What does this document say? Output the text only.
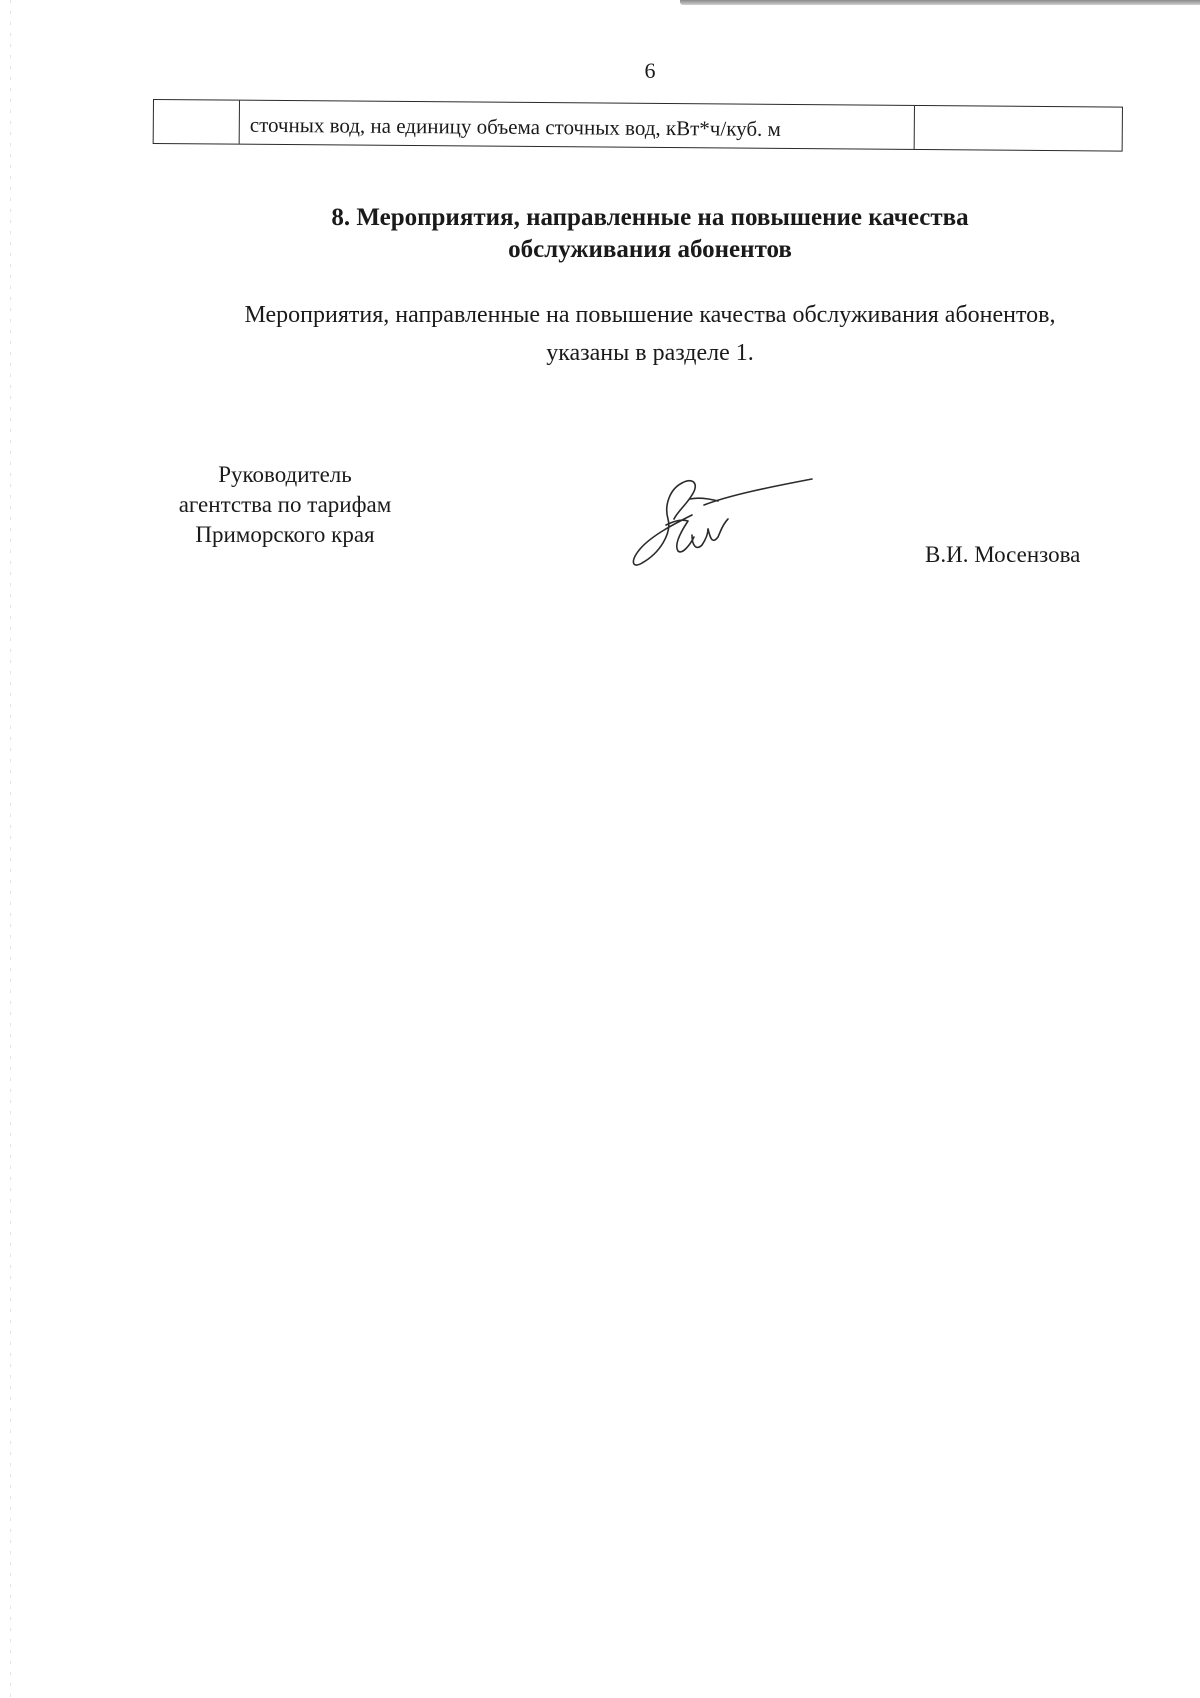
6
сточных вод, на единицу объема сточных вод, кВт*ч/куб. м
8. Мероприятия, направленные на повышение качества
обслуживания абонентов
Мероприятия, направленные на повышение качества обслуживания абонентов,
указаны в разделе 1.
Руководитель
агентства по тарифам
Приморского края
В.И. Мосензова
